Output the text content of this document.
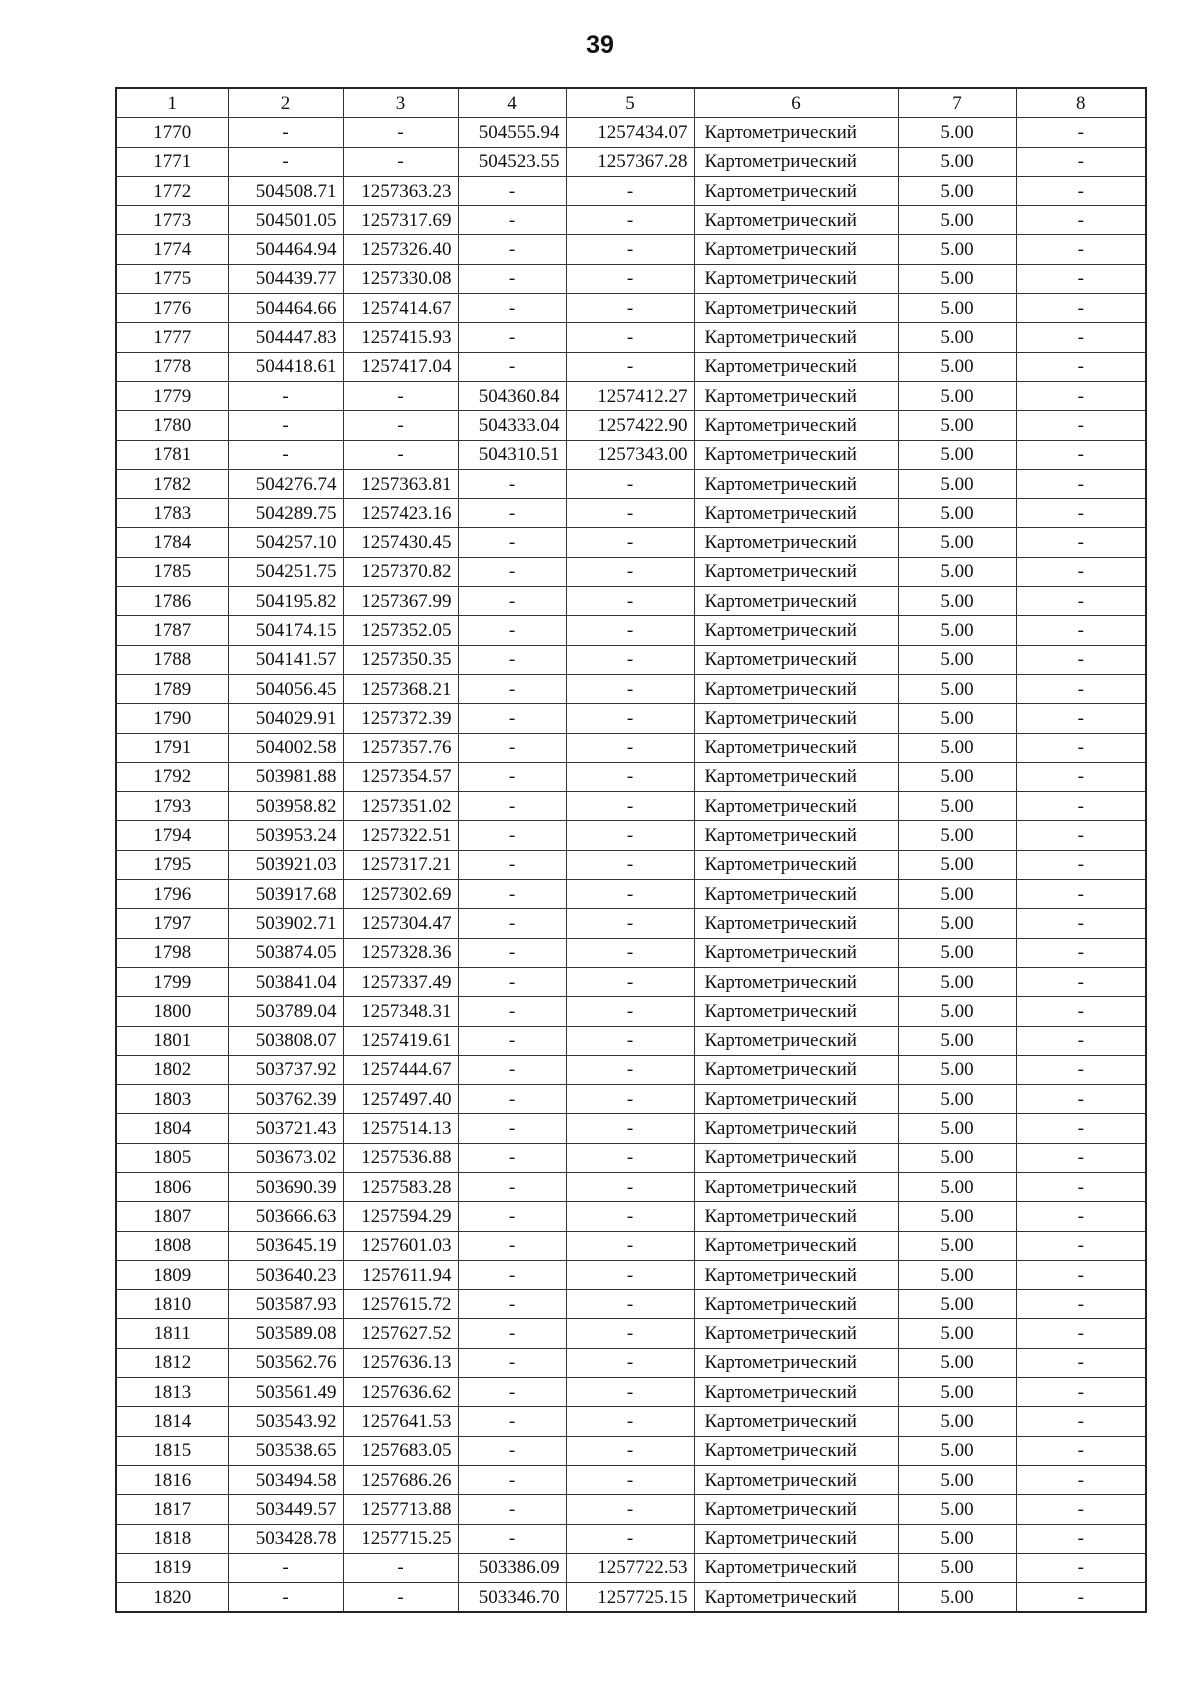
39
1	2	3	4	5	6	7	8
1770	-	-	504555.94	1257434.07	Картометрический	5.00	-
1771	-	-	504523.55	1257367.28	Картометрический	5.00	-
1772	504508.71	1257363.23	-	-	Картометрический	5.00	-
1773	504501.05	1257317.69	-	-	Картометрический	5.00	-
1774	504464.94	1257326.40	-	-	Картометрический	5.00	-
1775	504439.77	1257330.08	-	-	Картометрический	5.00	-
1776	504464.66	1257414.67	-	-	Картометрический	5.00	-
1777	504447.83	1257415.93	-	-	Картометрический	5.00	-
1778	504418.61	1257417.04	-	-	Картометрический	5.00	-
1779	-	-	504360.84	1257412.27	Картометрический	5.00	-
1780	-	-	504333.04	1257422.90	Картометрический	5.00	-
1781	-	-	504310.51	1257343.00	Картометрический	5.00	-
1782	504276.74	1257363.81	-	-	Картометрический	5.00	-
1783	504289.75	1257423.16	-	-	Картометрический	5.00	-
1784	504257.10	1257430.45	-	-	Картометрический	5.00	-
1785	504251.75	1257370.82	-	-	Картометрический	5.00	-
1786	504195.82	1257367.99	-	-	Картометрический	5.00	-
1787	504174.15	1257352.05	-	-	Картометрический	5.00	-
1788	504141.57	1257350.35	-	-	Картометрический	5.00	-
1789	504056.45	1257368.21	-	-	Картометрический	5.00	-
1790	504029.91	1257372.39	-	-	Картометрический	5.00	-
1791	504002.58	1257357.76	-	-	Картометрический	5.00	-
1792	503981.88	1257354.57	-	-	Картометрический	5.00	-
1793	503958.82	1257351.02	-	-	Картометрический	5.00	-
1794	503953.24	1257322.51	-	-	Картометрический	5.00	-
1795	503921.03	1257317.21	-	-	Картометрический	5.00	-
1796	503917.68	1257302.69	-	-	Картометрический	5.00	-
1797	503902.71	1257304.47	-	-	Картометрический	5.00	-
1798	503874.05	1257328.36	-	-	Картометрический	5.00	-
1799	503841.04	1257337.49	-	-	Картометрический	5.00	-
1800	503789.04	1257348.31	-	-	Картометрический	5.00	-
1801	503808.07	1257419.61	-	-	Картометрический	5.00	-
1802	503737.92	1257444.67	-	-	Картометрический	5.00	-
1803	503762.39	1257497.40	-	-	Картометрический	5.00	-
1804	503721.43	1257514.13	-	-	Картометрический	5.00	-
1805	503673.02	1257536.88	-	-	Картометрический	5.00	-
1806	503690.39	1257583.28	-	-	Картометрический	5.00	-
1807	503666.63	1257594.29	-	-	Картометрический	5.00	-
1808	503645.19	1257601.03	-	-	Картометрический	5.00	-
1809	503640.23	1257611.94	-	-	Картометрический	5.00	-
1810	503587.93	1257615.72	-	-	Картометрический	5.00	-
1811	503589.08	1257627.52	-	-	Картометрический	5.00	-
1812	503562.76	1257636.13	-	-	Картометрический	5.00	-
1813	503561.49	1257636.62	-	-	Картометрический	5.00	-
1814	503543.92	1257641.53	-	-	Картометрический	5.00	-
1815	503538.65	1257683.05	-	-	Картометрический	5.00	-
1816	503494.58	1257686.26	-	-	Картометрический	5.00	-
1817	503449.57	1257713.88	-	-	Картометрический	5.00	-
1818	503428.78	1257715.25	-	-	Картометрический	5.00	-
1819	-	-	503386.09	1257722.53	Картометрический	5.00	-
1820	-	-	503346.70	1257725.15	Картометрический	5.00	-
